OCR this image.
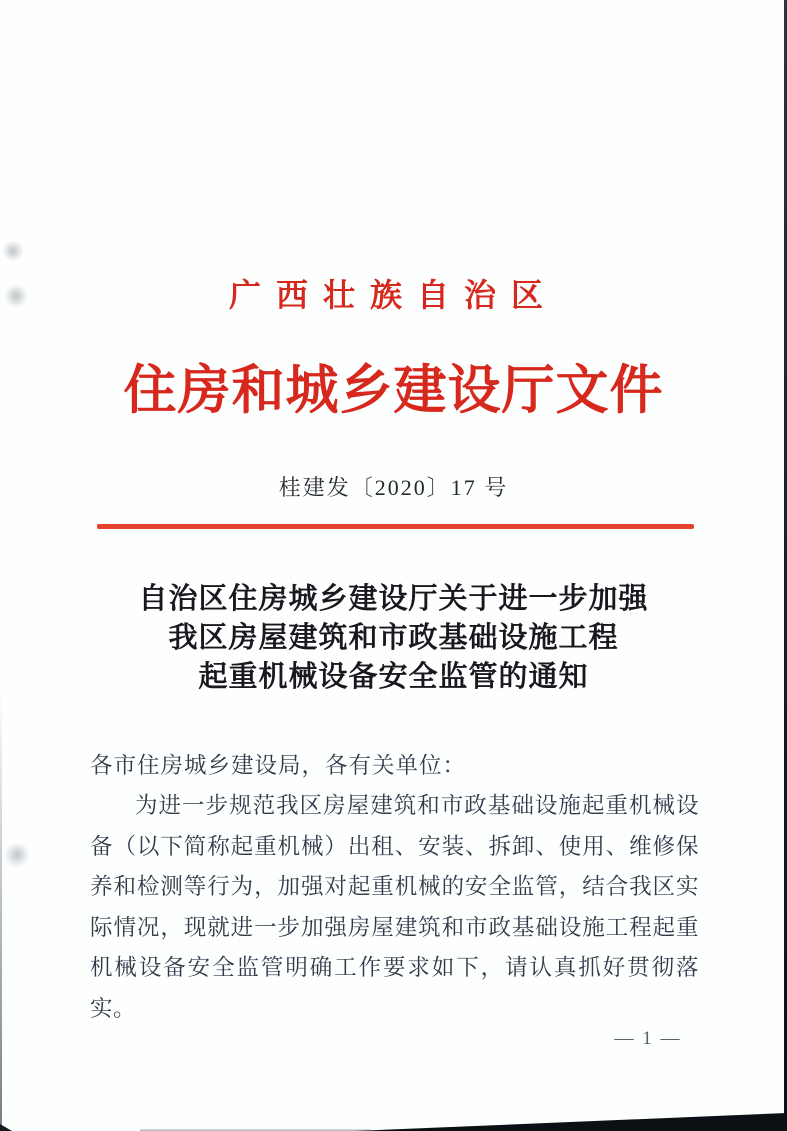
广西壮族自治区
住房和城乡建设厅文件
桂建发〔2020〕17 号
自治区住房城乡建设厅关于进一步加强
我区房屋建筑和市政基础设施工程
起重机械设备安全监管的通知
各市住房城乡建设局，各有关单位：
为进一步规范我区房屋建筑和市政基础设施起重机械设备（以下简称起重机械）出租、安装、拆卸、使用、维修保养和检测等行为，加强对起重机械的安全监管，结合我区实际情况，现就进一步加强房屋建筑和市政基础设施工程起重机械设备安全监管明确工作要求如下，请认真抓好贯彻落实。
— 1 —
